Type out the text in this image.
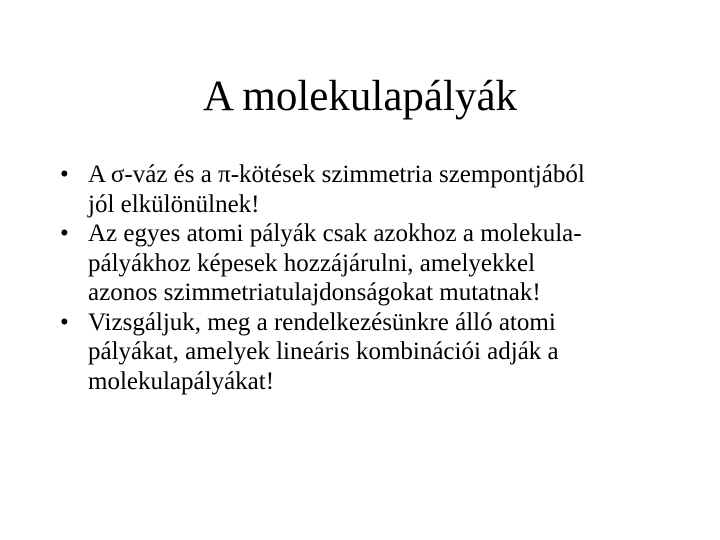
A molekulapályák
• A σ-váz és a π-kötések szimmetria szempontjából
jól elkülönülnek!
• Az egyes atomi pályák csak azokhoz a molekula-
pályákhoz képesek hozzájárulni, amelyekkel
azonos szimmetriatulajdonságokat mutatnak!
• Vizsgáljuk, meg a rendelkezésünkre álló atomi
pályákat, amelyek lineáris kombinációi adják a
molekulapályákat!
